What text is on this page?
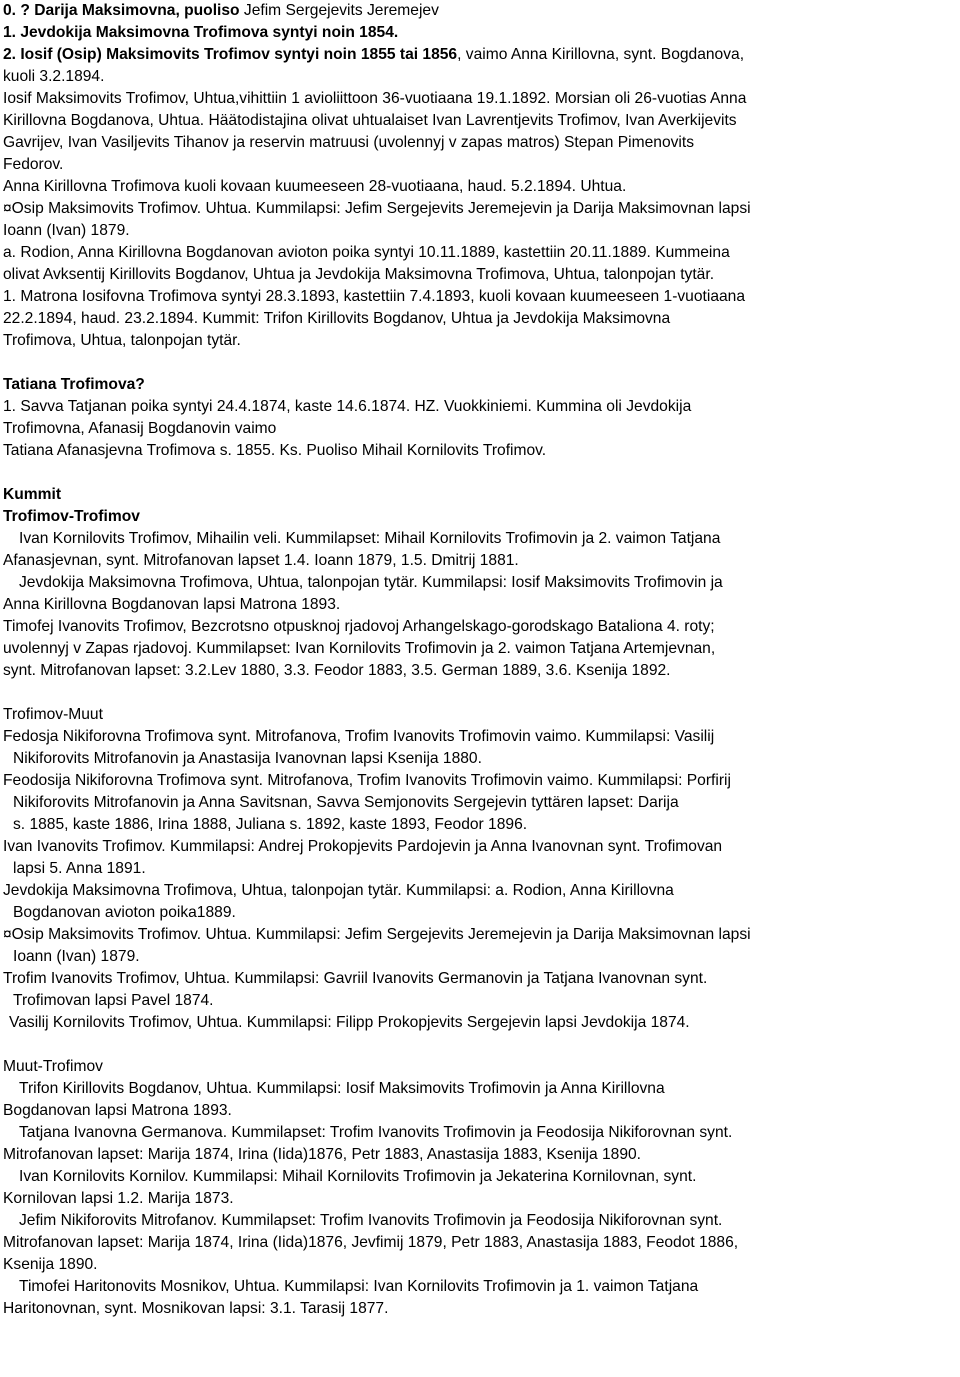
0. ? Darija Maksimovna, puoliso Jefim Sergejevits Jeremejev
1. Jevdokija Maksimovna Trofimova syntyi noin 1854.
2. Iosif (Osip) Maksimovits Trofimov syntyi noin 1855 tai 1856, vaimo Anna Kirillovna, synt. Bogdanova,
kuoli 3.2.1894.
Iosif Maksimovits Trofimov, Uhtua,vihittiin 1 avioliittoon 36-vuotiaana 19.1.1892. Morsian oli 26-vuotias Anna
Kirillovna Bogdanova, Uhtua. Häätodistajina olivat uhtualaiset Ivan Lavrentjevits Trofimov, Ivan Averkijevits
Gavrijev, Ivan Vasiljevits Tihanov ja reservin matruusi (uvolennyj v zapas matros) Stepan Pimenovits
Fedorov.
Anna Kirillovna Trofimova kuoli kovaan kuumeeseen 28-vuotiaana, haud. 5.2.1894. Uhtua.
¤Osip Maksimovits Trofimov. Uhtua. Kummilapsi: Jefim Sergejevits Jeremejevin ja Darija Maksimovnan lapsi
Ioann (Ivan) 1879.
a. Rodion, Anna Kirillovna Bogdanovan avioton poika syntyi 10.11.1889, kastettiin 20.11.1889. Kummeina
olivat Avksentij Kirillovits Bogdanov, Uhtua ja Jevdokija Maksimovna Trofimova, Uhtua, talonpojan tytär.
1. Matrona Iosifovna Trofimova syntyi 28.3.1893, kastettiin 7.4.1893, kuoli kovaan kuumeeseen 1-vuotiaana
22.2.1894, haud. 23.2.1894. Kummit: Trifon Kirillovits Bogdanov, Uhtua ja Jevdokija Maksimovna
Trofimova, Uhtua, talonpojan tytär.
Tatiana Trofimova?
1. Savva Tatjanan poika syntyi 24.4.1874, kaste 14.6.1874. HZ. Vuokkiniemi. Kummina oli Jevdokija
Trofimovna, Afanasij Bogdanovin vaimo
Tatiana Afanasjevna Trofimova s. 1855. Ks. Puoliso Mihail Kornilovits Trofimov.
Kummit
Trofimov-Trofimov
Ivan Kornilovits Trofimov, Mihailin veli. Kummilapset: Mihail Kornilovits Trofimovin ja 2. vaimon Tatjana
Afanasjevnan, synt. Mitrofanovan lapset 1.4. Ioann 1879, 1.5. Dmitrij 1881.
Jevdokija Maksimovna Trofimova, Uhtua, talonpojan tytär. Kummilapsi: Iosif Maksimovits Trofimovin ja
Anna Kirillovna Bogdanovan lapsi Matrona 1893.
Timofej Ivanovits Trofimov, Bezcrotsno otpusknoj rjadovoj Arhangelskago-gorodskago Bataliona 4. roty;
uvolennyj v Zapas rjadovoj. Kummilapset: Ivan Kornilovits Trofimovin ja 2. vaimon Tatjana Artemjevnan,
synt. Mitrofanovan lapset: 3.2.Lev 1880, 3.3. Feodor 1883, 3.5. German 1889, 3.6. Ksenija 1892.
Trofimov-Muut
Fedosja Nikiforovna Trofimova synt. Mitrofanova, Trofim Ivanovits Trofimovin vaimo. Kummilapsi: Vasilij
Nikiforovits Mitrofanovin ja Anastasija Ivanovnan lapsi Ksenija 1880.
Feodosija Nikiforovna Trofimova synt. Mitrofanova, Trofim Ivanovits Trofimovin vaimo. Kummilapsi: Porfirij
Nikiforovits Mitrofanovin ja Anna Savitsnan, Savva Semjonovits Sergejevin tyttären lapset: Darija
s. 1885, kaste 1886, Irina 1888, Juliana s. 1892, kaste 1893, Feodor 1896.
Ivan Ivanovits Trofimov. Kummilapsi: Andrej Prokopjevits Pardojevin ja Anna Ivanovnan synt. Trofimovan
lapsi 5. Anna 1891.
Jevdokija Maksimovna Trofimova, Uhtua, talonpojan tytär. Kummilapsi: a. Rodion, Anna Kirillovna
Bogdanovan avioton poika1889.
¤Osip Maksimovits Trofimov. Uhtua. Kummilapsi: Jefim Sergejevits Jeremejevin ja Darija Maksimovnan lapsi
Ioann (Ivan) 1879.
Trofim Ivanovits Trofimov, Uhtua. Kummilapsi: Gavriil Ivanovits Germanovin ja Tatjana Ivanovnan synt.
Trofimovan lapsi Pavel 1874.
Vasilij Kornilovits Trofimov, Uhtua. Kummilapsi: Filipp Prokopjevits Sergejevin lapsi Jevdokija 1874.
Muut-Trofimov
Trifon Kirillovits Bogdanov, Uhtua. Kummilapsi: Iosif Maksimovits Trofimovin ja Anna Kirillovna
Bogdanovan lapsi Matrona 1893.
Tatjana Ivanovna Germanova. Kummilapset: Trofim Ivanovits Trofimovin ja Feodosija Nikiforovnan synt.
Mitrofanovan lapset: Marija 1874, Irina (Iida)1876, Petr 1883, Anastasija 1883, Ksenija 1890.
Ivan Kornilovits Kornilov. Kummilapsi: Mihail Kornilovits Trofimovin ja Jekaterina Kornilovnan, synt.
Kornilovan lapsi 1.2. Marija 1873.
Jefim Nikiforovits Mitrofanov. Kummilapset: Trofim Ivanovits Trofimovin ja Feodosija Nikiforovnan synt.
Mitrofanovan lapset: Marija 1874, Irina (Iida)1876, Jevfimij 1879, Petr 1883, Anastasija 1883, Feodot 1886,
Ksenija 1890.
Timofei Haritonovits Mosnikov, Uhtua. Kummilapsi: Ivan Kornilovits Trofimovin ja 1. vaimon Tatjana
Haritonovnan, synt. Mosnikovan lapsi: 3.1. Tarasij 1877.
